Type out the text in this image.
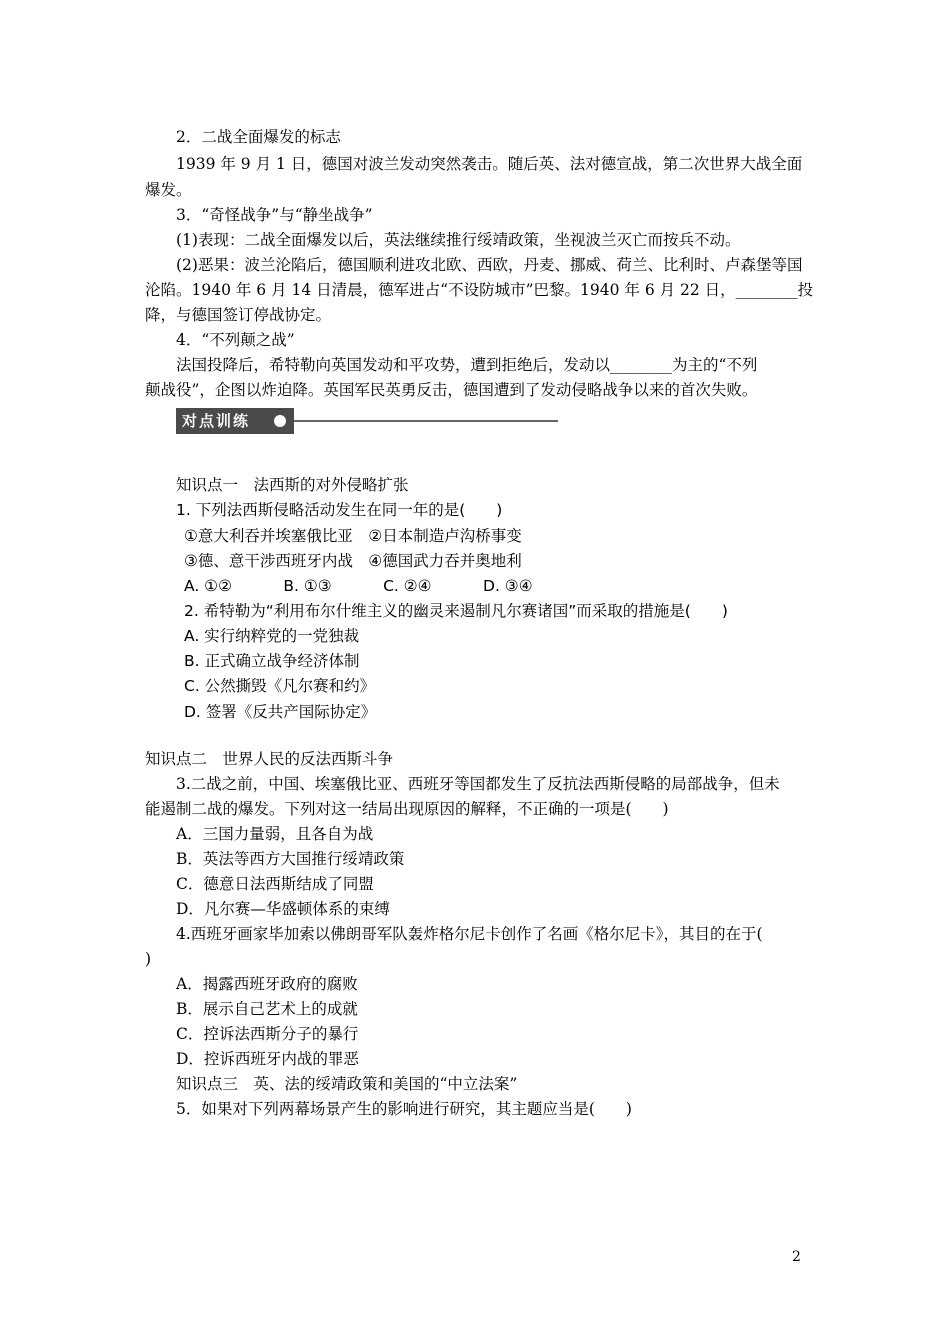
2．二战全面爆发的标志
1939 年 9 月 1 日，德国对波兰发动突然袭击。随后英、法对德宣战，第二次世界大战全面
爆发。
3．“奇怪战争”与“静坐战争”
(1)表现：二战全面爆发以后，英法继续推行绥靖政策，坐视波兰灭亡而按兵不动。
(2)恶果：波兰沦陷后，德国顺利进攻北欧、西欧，丹麦、挪威、荷兰、比利时、卢森堡等国
沦陷。1940 年 6 月 14 日清晨，德军进占“不设防城市”巴黎。1940 年 6 月 22 日，________投
降，与德国签订停战协定。
4．“不列颠之战”
法国投降后，希特勒向英国发动和平攻势，遭到拒绝后，发动以________为主的“不列
颠战役”，企图以炸迫降。英国军民英勇反击，德国遭到了发动侵略战争以来的首次失败。
对点训练
知识点一　法西斯的对外侵略扩张
1. 下列法西斯侵略活动发生在同一年的是(　　)
①意大利吞并埃塞俄比亚　②日本制造卢沟桥事变
③德、意干涉西班牙内战　④德国武力吞并奥地利
A. ①②　　　 B. ①③　　　 C. ②④　　　 D. ③④
2. 希特勒为“利用布尔什维主义的幽灵来遏制凡尔赛诸国”而采取的措施是(　　)
A. 实行纳粹党的一党独裁
B. 正式确立战争经济体制
C. 公然撕毁《凡尔赛和约》
D. 签署《反共产国际协定》
知识点二　世界人民的反法西斯斗争
3.二战之前，中国、埃塞俄比亚、西班牙等国都发生了反抗法西斯侵略的局部战争，但未
能遏制二战的爆发。下列对这一结局出现原因的解释，不正确的一项是(　　)
A．三国力量弱，且各自为战
B．英法等西方大国推行绥靖政策
C．德意日法西斯结成了同盟
D．凡尔赛—华盛顿体系的束缚
4.西班牙画家毕加索以佛朗哥军队轰炸格尔尼卡创作了名画《格尔尼卡》，其目的在于(
)
A．揭露西班牙政府的腐败
B．展示自己艺术上的成就
C．控诉法西斯分子的暴行
D．控诉西班牙内战的罪恶
知识点三　英、法的绥靖政策和美国的“中立法案”
5．如果对下列两幕场景产生的影响进行研究，其主题应当是(　　)
2
